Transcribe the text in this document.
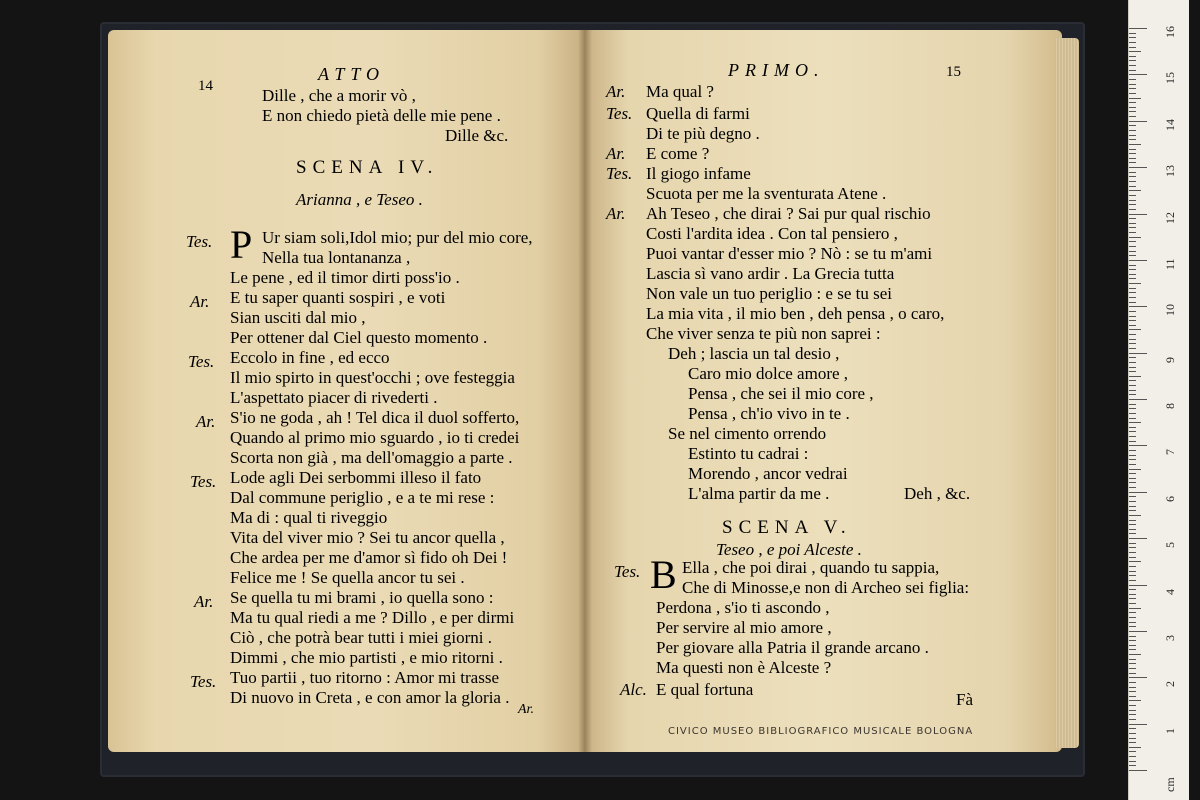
14
ATTO
Dille , che a morir vò ,
E non chiedo pietà delle mie pene .
Dille &c.
SCENA IV.
Arianna , e Teseo .
Tes. P Ur siam soli,Idol mio; pur del mio core,
Nella tua lontananza ,
Le pene , ed il timor dirti poss'io .
Ar. E tu saper quanti sospiri , e voti
Sian usciti dal mio ,
Per ottener dal Ciel questo momento .
Tes. Eccolo in fine , ed ecco
Il mio spirto in quest'occhi ; ove festeggia
L'aspettato piacer di rivederti .
Ar. S'io ne goda , ah ! Tel dica il duol sofferto,
Quando al primo mio sguardo , io ti credei
Scorta non già , ma dell'omaggio a parte .
Tes. Lode agli Dei serbommi illeso il fato
Dal commune periglio , e a te mi rese :
Ma di : qual ti riveggio
Vita del viver mio ? Sei tu ancor quella ,
Che ardea per me d'amor sì fido oh Dei !
Felice me ! Se quella ancor tu sei .
Ar. Se quella tu mi brami , io quella sono :
Ma tu qual riedi a me ? Dillo , e per dirmi
Ciò , che potrà bear tutti i miei giorni .
Dimmi , che mio partisti , e mio ritorni .
Tes. Tuo partii , tuo ritorno : Amor mi trasse
Di nuovo in Creta , e con amor la gloria .
Ar.
PRIMO.	15
Ar. Ma qual ?
Tes. Quella di farmi
Di te più degno .
Ar. E come ?
Tes. Il giogo infame
Scuota per me la sventurata Atene .
Ar. Ah Teseo , che dirai ? Sai pur qual rischio
Costi l'ardita idea . Con tal pensiero ,
Puoi vantar d'esser mio ? Nò : se tu m'ami
Lascia sì vano ardir . La Grecia tutta
Non vale un tuo periglio : e se tu sei
La mia vita , il mio ben , deh pensa , o caro,
Che viver senza te più non saprei :
Deh ; lascia un tal desio ,
Caro mio dolce amore ,
Pensa , che sei il mio core ,
Pensa , ch'io vivo in te .
Se nel cimento orrendo
Estinto tu cadrai :
Morendo , ancor vedrai
L'alma partir da me .	Deh , &c.
SCENA V.
Teseo , e poi Alceste .
Tes. B Ella , che poi dirai , quando tu sappia,
Che di Minosse,e non di Archeo sei figlia:
Perdona , s'io ti ascondo ,
Per servire al mio amore ,
Per giovare alla Patria il grande arcano .
Ma questi non è Alceste ?
Alc. E qual fortuna
Fà
CIVICO MUSEO BIBLIOGRAFICO MUSICALE BOLOGNA
16
15
14
13
12
11
10
9
8
7
6
5
4
3
2
1
cm
